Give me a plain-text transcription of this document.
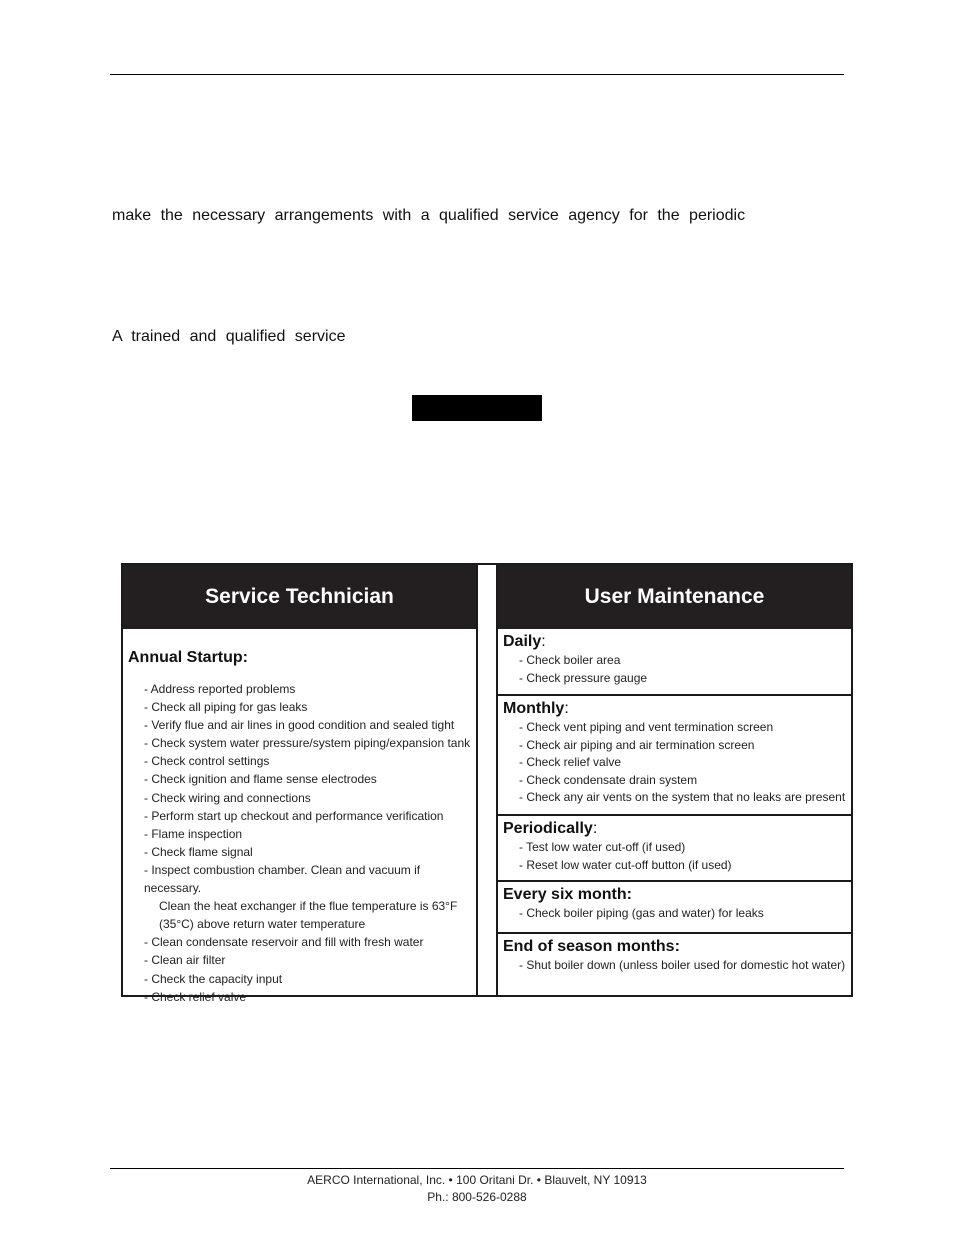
make the necessary arrangements with a qualified service agency for the periodic
A trained and qualified service
Service Technician
Annual Startup:
- Address reported problems
- Check all piping for gas leaks
- Verify flue and air lines in good condition and sealed tight
- Check system water pressure/system piping/expansion tank
- Check control settings
- Check ignition and flame sense electrodes
- Check wiring and connections
- Perform start up checkout and performance verification
- Flame inspection
- Check flame signal
- Inspect combustion chamber. Clean and vacuum if necessary.
Clean the heat exchanger if the flue temperature is 63°F
(35°C) above return water temperature
- Clean condensate reservoir and fill with fresh water
- Clean air filter
- Check the capacity input
- Check relief valve
User Maintenance
Daily:
- Check boiler area
- Check pressure gauge
Monthly:
- Check vent piping and vent termination screen
- Check air piping and air termination screen
- Check relief valve
- Check condensate drain system
- Check any air vents on the system that no leaks are present
Periodically:
- Test low water cut-off (if used)
- Reset low water cut-off button (if used)
Every six month:
- Check boiler piping (gas and water) for leaks
End of season months:
- Shut boiler down (unless boiler used for domestic hot water)
AERCO International, Inc. • 100 Oritani Dr. • Blauvelt, NY 10913
Ph.: 800-526-0288
